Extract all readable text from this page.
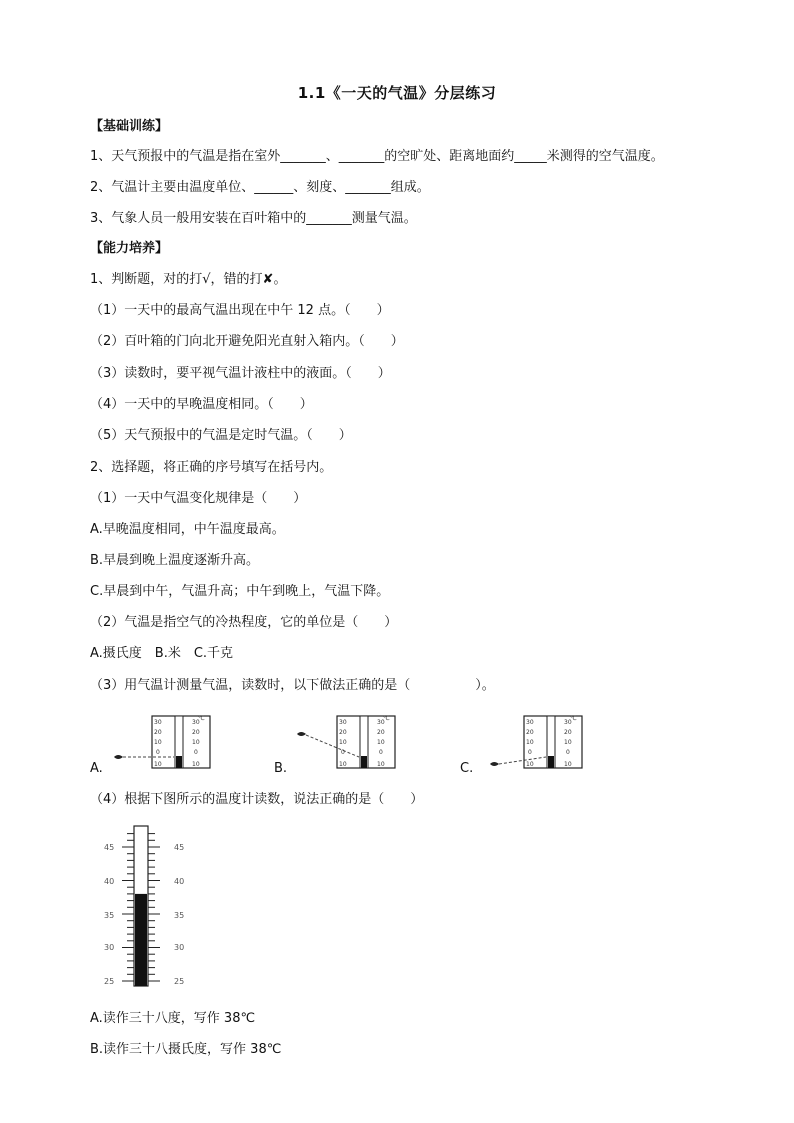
1.1《一天的气温》分层练习
【基础训练】
1、天气预报中的气温是指在室外_______、_______的空旷处、距离地面约_____米测得的空气温度。
2、气温计主要由温度单位、______、刻度、_______组成。
3、气象人员一般用安装在百叶箱中的_______测量气温。
【能力培养】
1、判断题，对的打√，错的打✘。
（1）一天中的最高气温出现在中午 12 点。（　　）
（2）百叶箱的门向北开避免阳光直射入箱内。（　　）
（3）读数时，要平视气温计液柱中的液面。（　　）
（4）一天中的早晚温度相同。（　　）
（5）天气预报中的气温是定时气温。（　　）
2、选择题，将正确的序号填写在括号内。
（1）一天中气温变化规律是（　　）
A.早晚温度相同，中午温度最高。
B.早晨到晚上温度逐渐升高。
C.早晨到中午，气温升高；中午到晚上，气温下降。
（2）气温是指空气的冷热程度，它的单位是（　　）
A.摄氏度　B.米　C.千克
（3）用气温计测量气温，读数时，以下做法正确的是（　　　　　）。
A.	B.	C.
30
20
10
0
10
30
20
10
0
10
℃
30
20
10
0
10
30
20
10
0
10
℃
30
20
10
0
10
30
20
10
0
10
℃
（4）根据下图所示的温度计读数，说法正确的是（　　）
45
40
35
30
25
45
40
35
30
25
A.读作三十八度，写作 38℃
B.读作三十八摄氏度，写作 38℃
